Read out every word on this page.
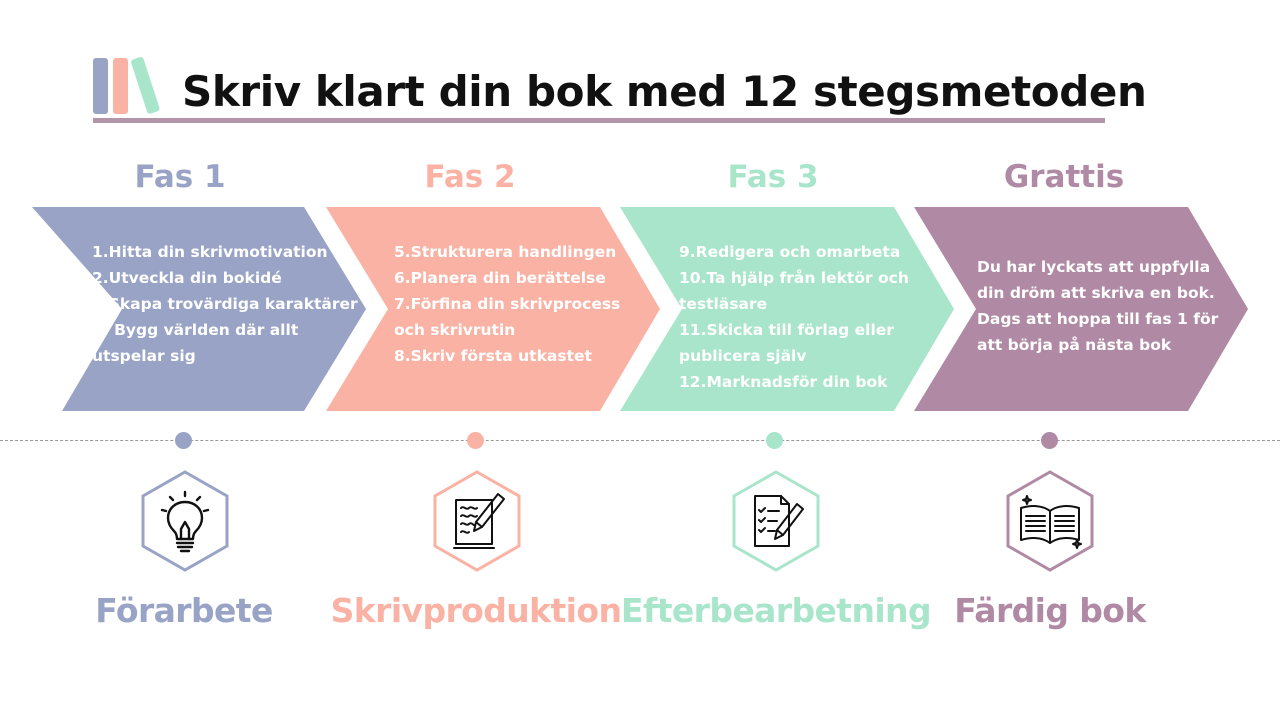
Skriv klart din bok med 12 stegsmetoden
Fas 1	Fas 2	Fas 3	Grattis
1.Hitta din skrivmotivation
2.Utveckla din bokidé
3.Skapa trovärdiga karaktärer
4. Bygg världen där allt
utspelar sig
5.Strukturera handlingen
6.Planera din berättelse
7.Förfina din skrivprocess
och skrivrutin
8.Skriv första utkastet
9.Redigera och omarbeta
10.Ta hjälp från lektör och
testläsare
11.Skicka till förlag eller
publicera själv
12.Marknadsför din bok
Du har lyckats att uppfylla
din dröm att skriva en bok.
Dags att hoppa till fas 1 för
att börja på nästa bok
Förarbete	Skrivproduktion Efterbearbetning Färdig bok
